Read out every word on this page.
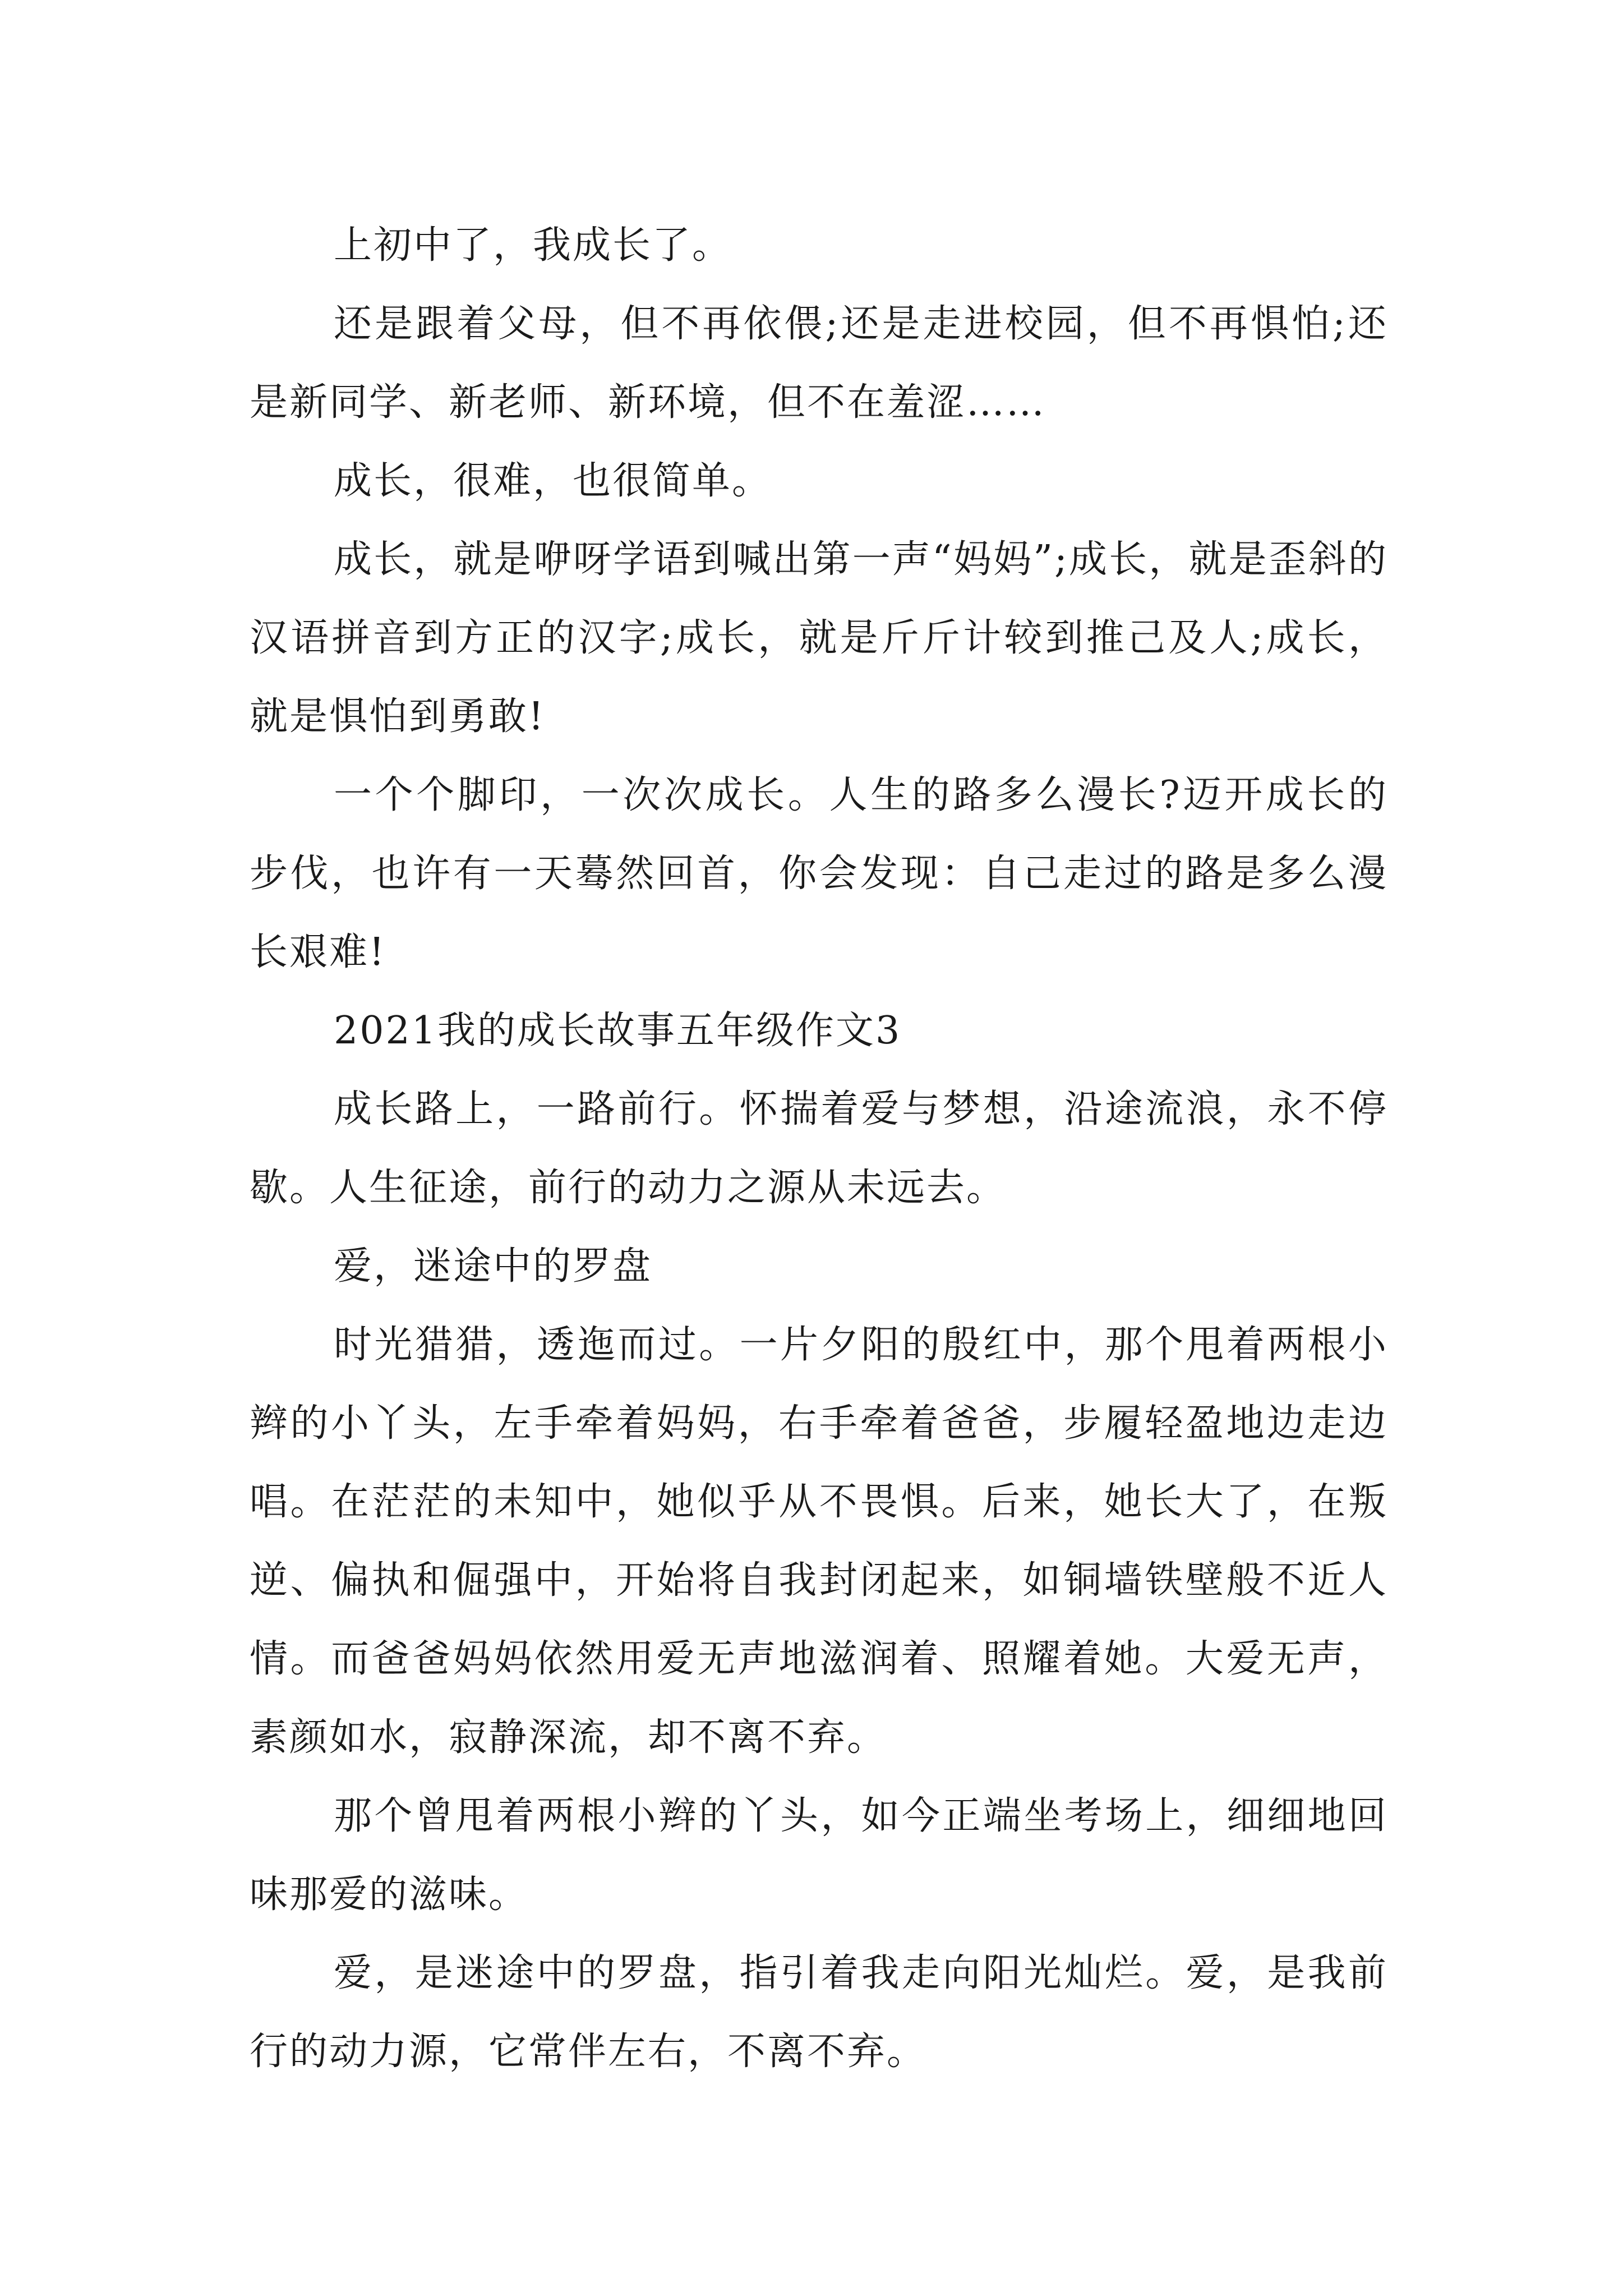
上初中了，我成长了。

还是跟着父母，但不再依偎;还是走进校园，但不再惧怕;还是新同学、新老师、新环境，但不在羞涩……

成长，很难，也很简单。

成长，就是咿呀学语到喊出第一声“妈妈”;成长，就是歪斜的汉语拼音到方正的汉字;成长，就是斤斤计较到推己及人;成长，就是惧怕到勇敢!

一个个脚印，一次次成长。人生的路多么漫长?迈开成长的步伐，也许有一天蓦然回首，你会发现：自己走过的路是多么漫长艰难!

2021我的成长故事五年级作文3

成长路上，一路前行。怀揣着爱与梦想，沿途流浪，永不停歇。人生征途，前行的动力之源从未远去。

爱，迷途中的罗盘

时光猎猎，透迤而过。一片夕阳的殷红中，那个甩着两根小辫的小丫头，左手牵着妈妈，右手牵着爸爸，步履轻盈地边走边唱。在茫茫的未知中，她似乎从不畏惧。后来，她长大了，在叛逆、偏执和倔强中，开始将自我封闭起来，如铜墙铁壁般不近人情。而爸爸妈妈依然用爱无声地滋润着、照耀着她。大爱无声，素颜如水，寂静深流，却不离不弃。

那个曾甩着两根小辫的丫头，如今正端坐考场上，细细地回味那爱的滋味。

爱，是迷途中的罗盘，指引着我走向阳光灿烂。爱，是我前行的动力源，它常伴左右，不离不弃。
